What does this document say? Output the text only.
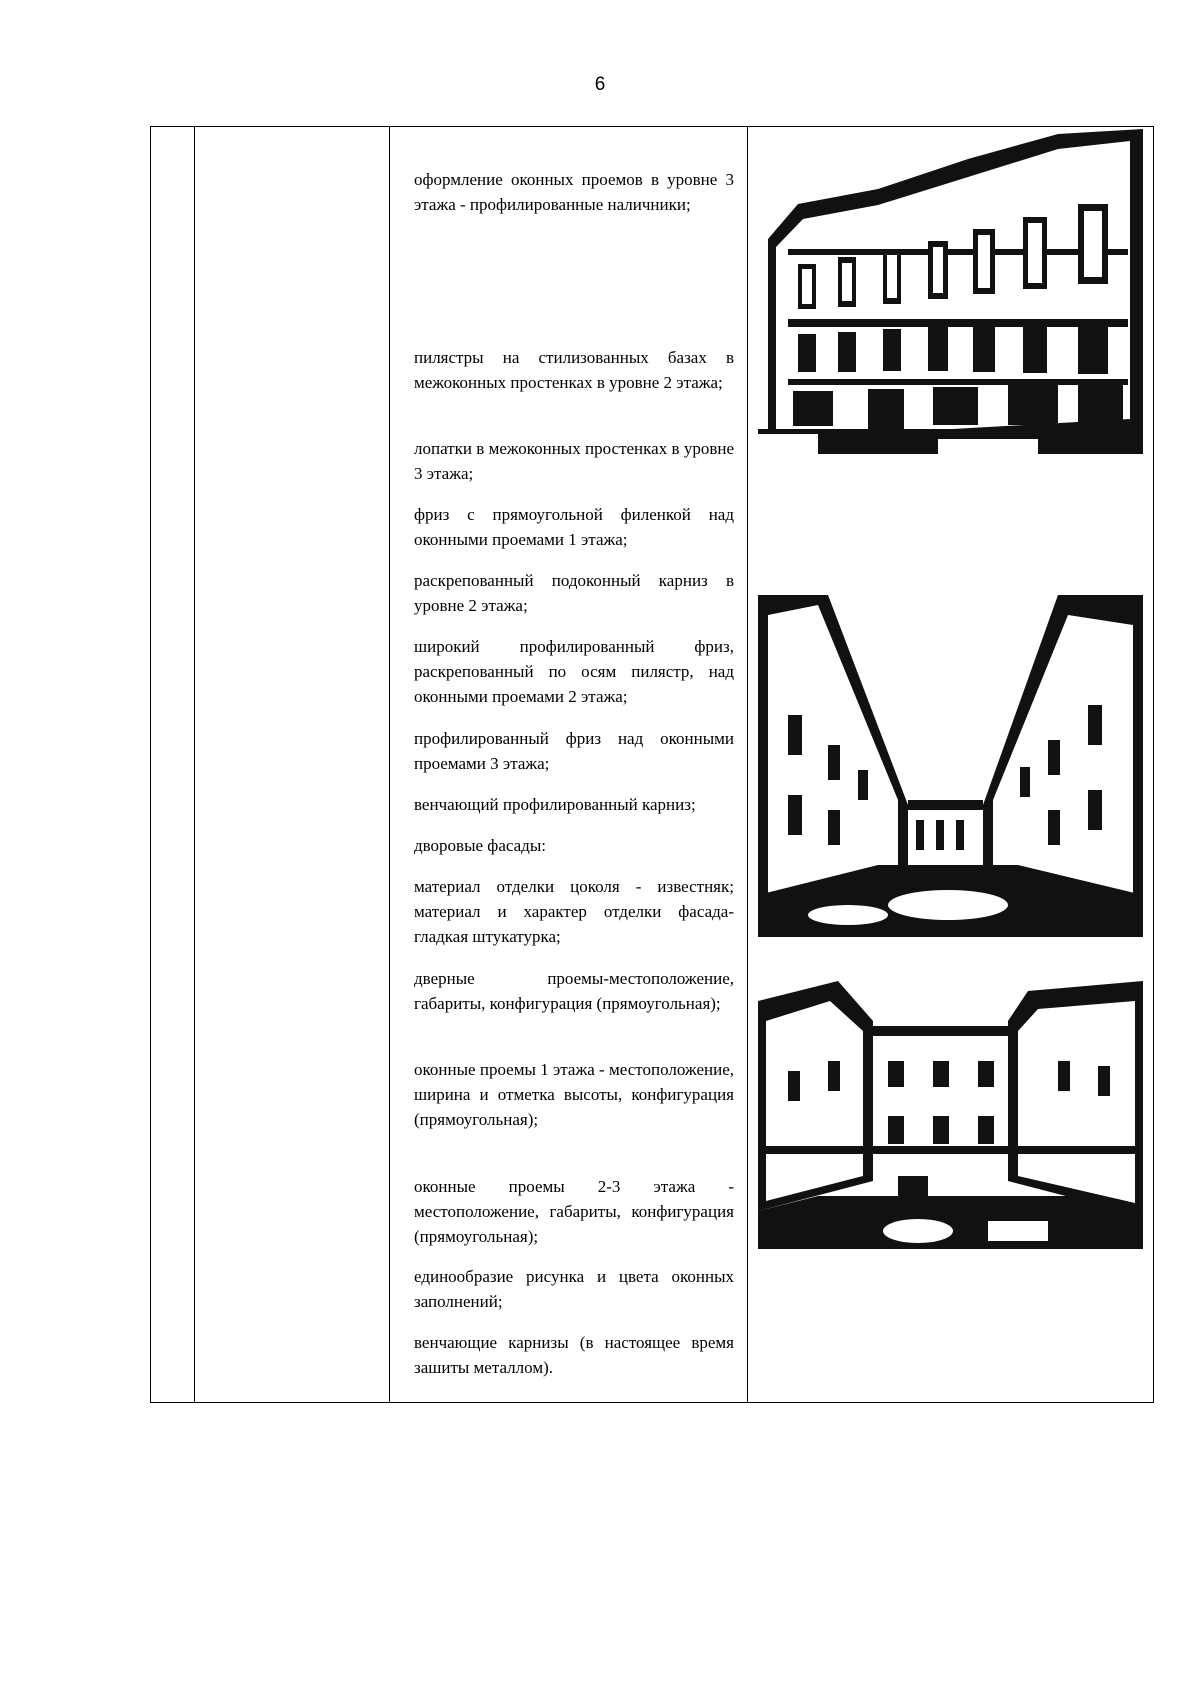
6
оформление оконных проемов в уровне 3 этажа - профилированные наличники;
пилястры на стилизованных базах в межоконных простенках в уровне 2 этажа;
лопатки в межоконных простенках в уровне 3 этажа;
фриз с прямоугольной филенкой над оконными проемами 1 этажа;
раскрепованный подоконный карниз в уровне 2 этажа;
широкий профилированный фриз, раскрепованный по осям пилястр, над оконными проемами 2 этажа;
профилированный фриз над оконными проемами 3 этажа;
венчающий профилированный карниз;
дворовые фасады:
материал отделки цоколя - известняк; материал и характер отделки фасада-гладкая штукатурка;
дверные проемы-местоположение, габариты, конфигурация (прямоугольная);
оконные проемы 1 этажа - местоположение, ширина и отметка высоты, конфигурация (прямоугольная);
оконные проемы 2-3 этажа - местоположение, габариты, конфигурация (прямоугольная);
единообразие рисунка и цвета оконных заполнений;
венчающие карнизы (в настоящее время зашиты металлом).
